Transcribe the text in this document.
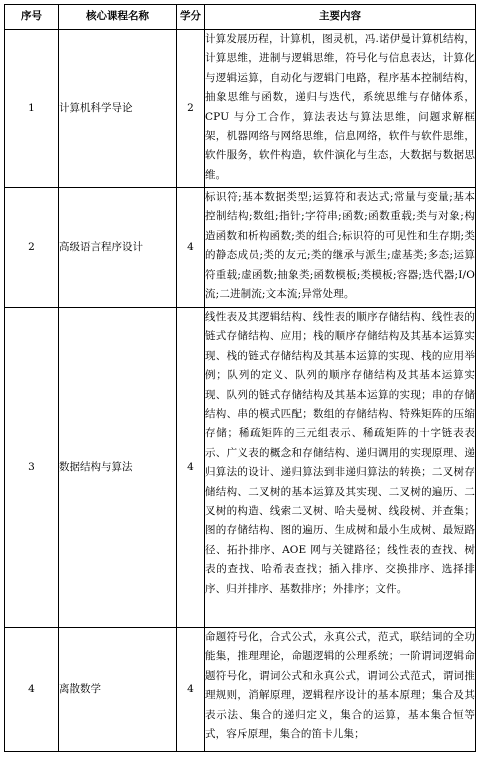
序号	核心课程名称	学分	主要内容
1	计算机科学导论	2	计算发展历程，计算机，图灵机，冯.诺伊曼计算机结构，计算思维，进制与逻辑思维，符号化与信息表达，计算化与逻辑运算，自动化与逻辑门电路，程序基本控制结构，抽象思维与函数，递归与迭代，系统思维与存储体系，CPU 与分工合作，算法表达与算法思维，问题求解框架，机器网络与网络思维，信息网络，软件与软件思维，软件服务，软件构造，软件演化与生态，大数据与数据思维。
2	高级语言程序设计	4	标识符;基本数据类型;运算符和表达式;常量与变量;基本控制结构;数组;指针;字符串;函数;函数重载;类与对象;构造函数和析构函数;类的组合;标识符的可见性和生存期;类的静态成员;类的友元;类的继承与派生;虚基类;多态;运算符重载;虚函数;抽象类;函数模板;类模板;容器;迭代器;I/O 流;二进制流;文本流;异常处理。
3	数据结构与算法	4	线性表及其逻辑结构、线性表的顺序存储结构、线性表的链式存储结构、应用；栈的顺序存储结构及其基本运算实现、栈的链式存储结构及其基本运算的实现、栈的应用举例；队列的定义、队列的顺序存储结构及其基本运算实现、队列的链式存储结构及其基本运算的实现；串的存储结构、串的模式匹配；数组的存储结构、特殊矩阵的压缩存储；稀疏矩阵的三元组表示、稀疏矩阵的十字链表表示、广义表的概念和存储结构、递归调用的实现原理、递归算法的设计、递归算法到非递归算法的转换；二叉树存储结构、二叉树的基本运算及其实现、二叉树的遍历、二叉树的构造、线索二叉树、哈夫曼树、线段树、并查集；图的存储结构、图的遍历、生成树和最小生成树、最短路径、拓扑排序、AOE 网与关键路径；线性表的查找、树表的查找、哈希表查找；插入排序、交换排序、选择排序、归并排序、基数排序；外排序；文件。
4	离散数学	4	命题符号化，合式公式，永真公式，范式，联结词的全功能集，推理理论，命题逻辑的公理系统；一阶谓词逻辑命题符号化，谓词公式和永真公式，谓词公式范式，谓词推理规则，消解原理，逻辑程序设计的基本原理；集合及其表示法、集合的递归定义，集合的运算，基本集合恒等式，容斥原理，集合的笛卡儿集；
